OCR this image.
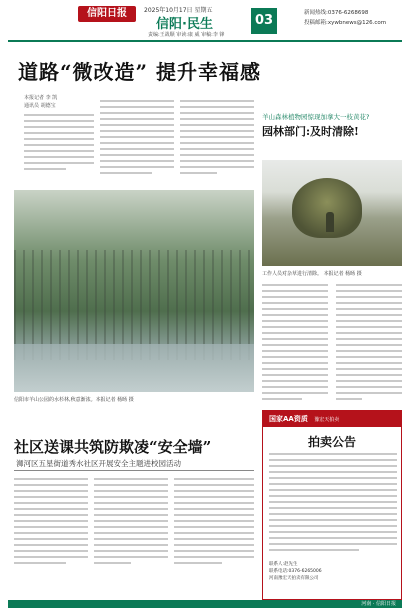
信阳日报	2025年10月17日 星期五
信阳·民生
责编:王战顺 审读:康 威 审稿:李 锋
03	新闻热线:0376-6268698
投稿邮箱:xywbnews@126.com
道路“微改造” 提升幸福感
本报记者 李 凯
通讯员 胡德宝
信阳市羊山公园的水杉林,秋意渐浓。本报记者 杨旸 摄
羊山森林植物园惊现加拿大一枝黄花?
园林部门:及时清除!
工作人员对杂草进行清除。 本报记者 杨旸 摄
社区送课共筑防欺凌“安全墙”
浉河区五星街道秀水社区开展安全主题进校园活动
国家AA资质 豫宏天拍卖
拍卖公告
联系人:赵先生
联系电话:0376-6265006
河南豫宏天拍卖有限公司
河南 · 信阳日报
